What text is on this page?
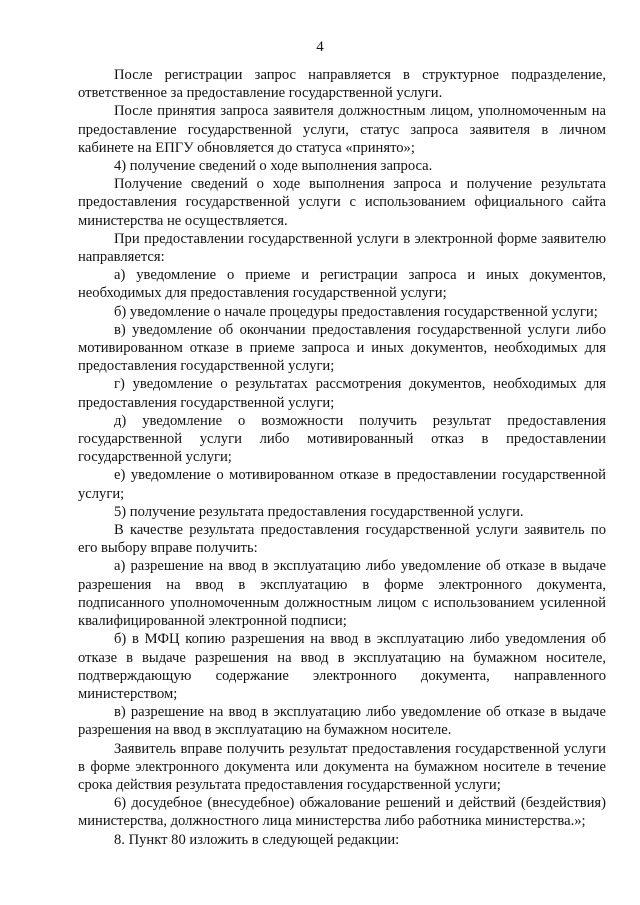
4

После регистрации запрос направляется в структурное подразделение, ответственное за предоставление государственной услуги.

После принятия запроса заявителя должностным лицом, уполномоченным на предоставление государственной услуги, статус запроса заявителя в личном кабинете на ЕПГУ обновляется до статуса «принято»;

4) получение сведений о ходе выполнения запроса.

Получение сведений о ходе выполнения запроса и получение результата предоставления государственной услуги с использованием официального сайта министерства не осуществляется.

При предоставлении государственной услуги в электронной форме заявителю направляется:

а) уведомление о приеме и регистрации запроса и иных документов, необходимых для предоставления государственной услуги;

б) уведомление о начале процедуры предоставления государственной услуги;

в) уведомление об окончании предоставления государственной услуги либо мотивированном отказе в приеме запроса и иных документов, необходимых для предоставления государственной услуги;

г) уведомление о результатах рассмотрения документов, необходимых для предоставления государственной услуги;

д) уведомление о возможности получить результат предоставления государственной услуги либо мотивированный отказ в предоставлении государственной услуги;

е) уведомление о мотивированном отказе в предоставлении государственной услуги;

5) получение результата предоставления государственной услуги.

В качестве результата предоставления государственной услуги заявитель по его выбору вправе получить:

а) разрешение на ввод в эксплуатацию либо уведомление об отказе в выдаче разрешения на ввод в эксплуатацию в форме электронного документа, подписанного уполномоченным должностным лицом с использованием усиленной квалифицированной электронной подписи;

б) в МФЦ копию разрешения на ввод в эксплуатацию либо уведомления об отказе в выдаче разрешения на ввод в эксплуатацию на бумажном носителе, подтверждающую содержание электронного документа, направленного министерством;

в) разрешение на ввод в эксплуатацию либо уведомление об отказе в выдаче разрешения на ввод в эксплуатацию на бумажном носителе.

Заявитель вправе получить результат предоставления государственной услуги в форме электронного документа или документа на бумажном носителе в течение срока действия результата предоставления государственной услуги;

6) досудебное (внесудебное) обжалование решений и действий (бездействия) министерства, должностного лица министерства либо работника министерства.»;

8. Пункт 80 изложить в следующей редакции:
